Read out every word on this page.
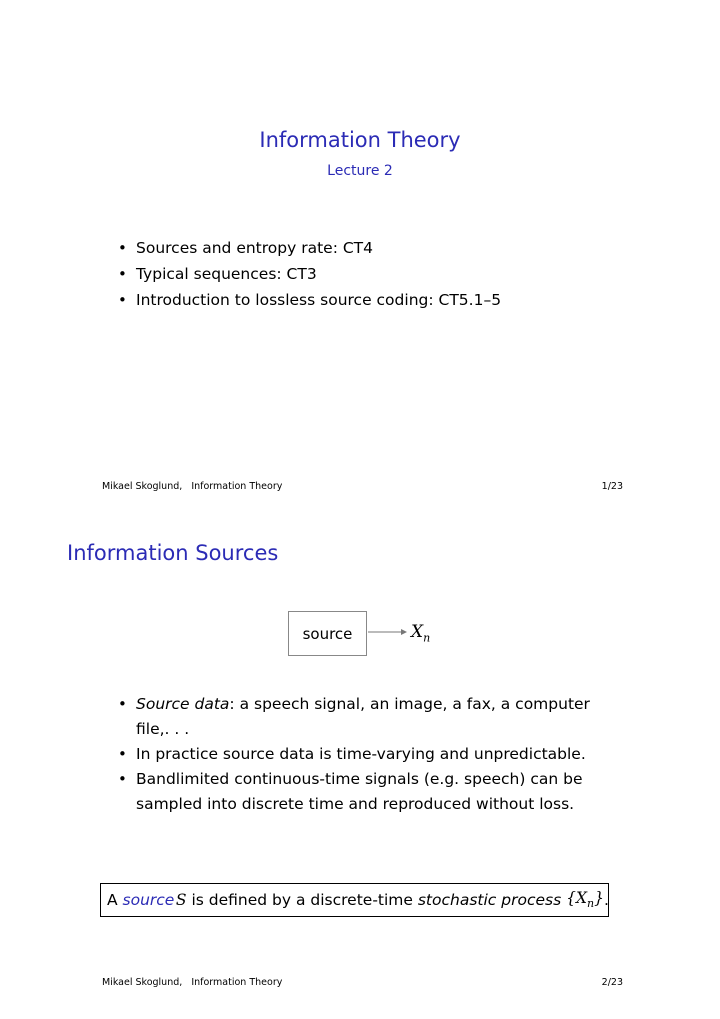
Information Theory
Lecture 2
• Sources and entropy rate: CT4
• Typical sequences: CT3
• Introduction to lossless source coding: CT5.1–5
Mikael Skoglund,   Information Theory	1/23
Information Sources
source	$X_n$
• Source data: a speech signal, an image, a fax, a computer file,. . .
• In practice source data is time-varying and unpredictable.
• Bandlimited continuous-time signals (e.g. speech) can be sampled into discrete time and reproduced without loss.
A source
  S is defined by a discrete-time stochastic process
$\{X_n\}$ .
Mikael Skoglund,   Information Theory	2/23
